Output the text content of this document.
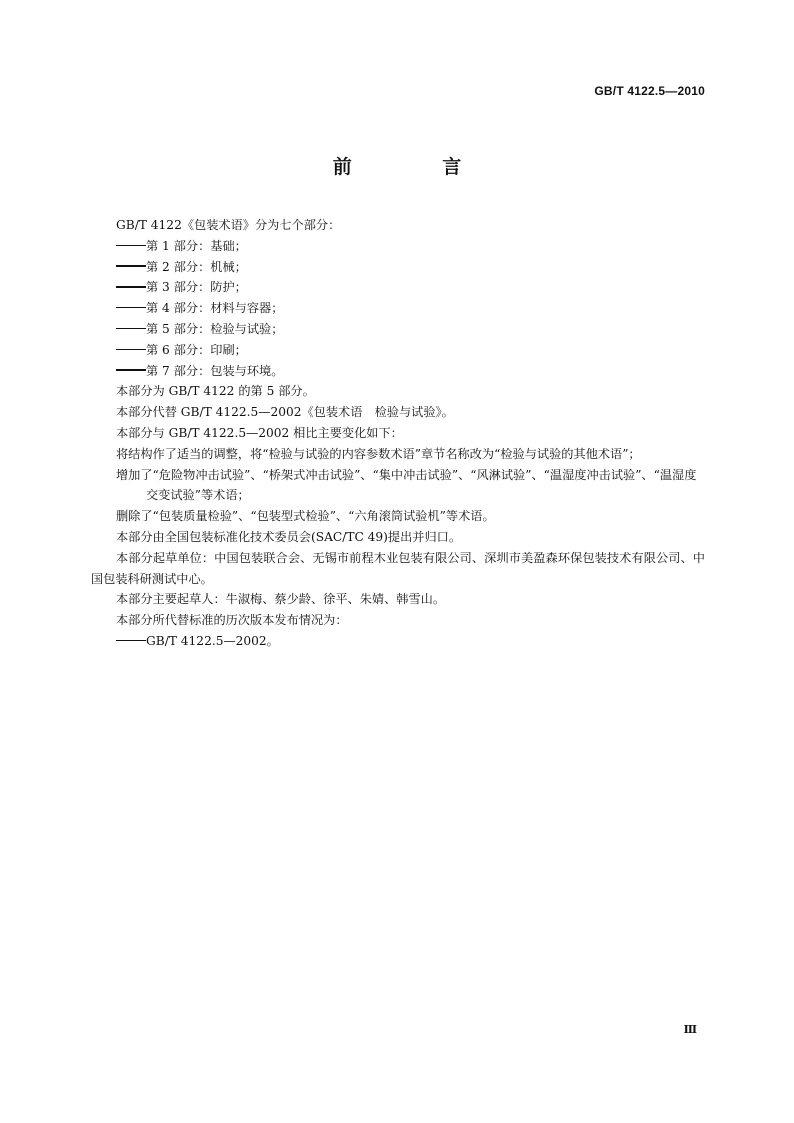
GB/T 4122.5—2010
前 言
GB/T 4122《包装术语》分为七个部分：
第 1 部分：基础；
第 2 部分：机械；
第 3 部分：防护；
第 4 部分：材料与容器；
第 5 部分：检验与试验；
第 6 部分：印刷；
第 7 部分：包装与环境。
本部分为 GB/T 4122 的第 5 部分。
本部分代替 GB/T 4122.5—2002《包装术语　检验与试验》。
本部分与 GB/T 4122.5—2002 相比主要变化如下：
将结构作了适当的调整，将“检验与试验的内容参数术语”章节名称改为“检验与试验的其他术语”；
增加了“危险物冲击试验”、“桥架式冲击试验”、“集中冲击试验”、“风淋试验”、“温湿度冲击试验”、“温湿度交变试验”等术语；
删除了“包装质量检验”、“包装型式检验”、“六角滚筒试验机”等术语。
本部分由全国包装标准化技术委员会(SAC/TC 49)提出并归口。
本部分起草单位：中国包装联合会、无锡市前程木业包装有限公司、深圳市美盈森环保包装技术有限公司、中国包装科研测试中心。
本部分主要起草人：牛淑梅、蔡少龄、徐平、朱婧、韩雪山。
本部分所代替标准的历次版本发布情况为：
GB/T 4122.5—2002。
Ⅲ
